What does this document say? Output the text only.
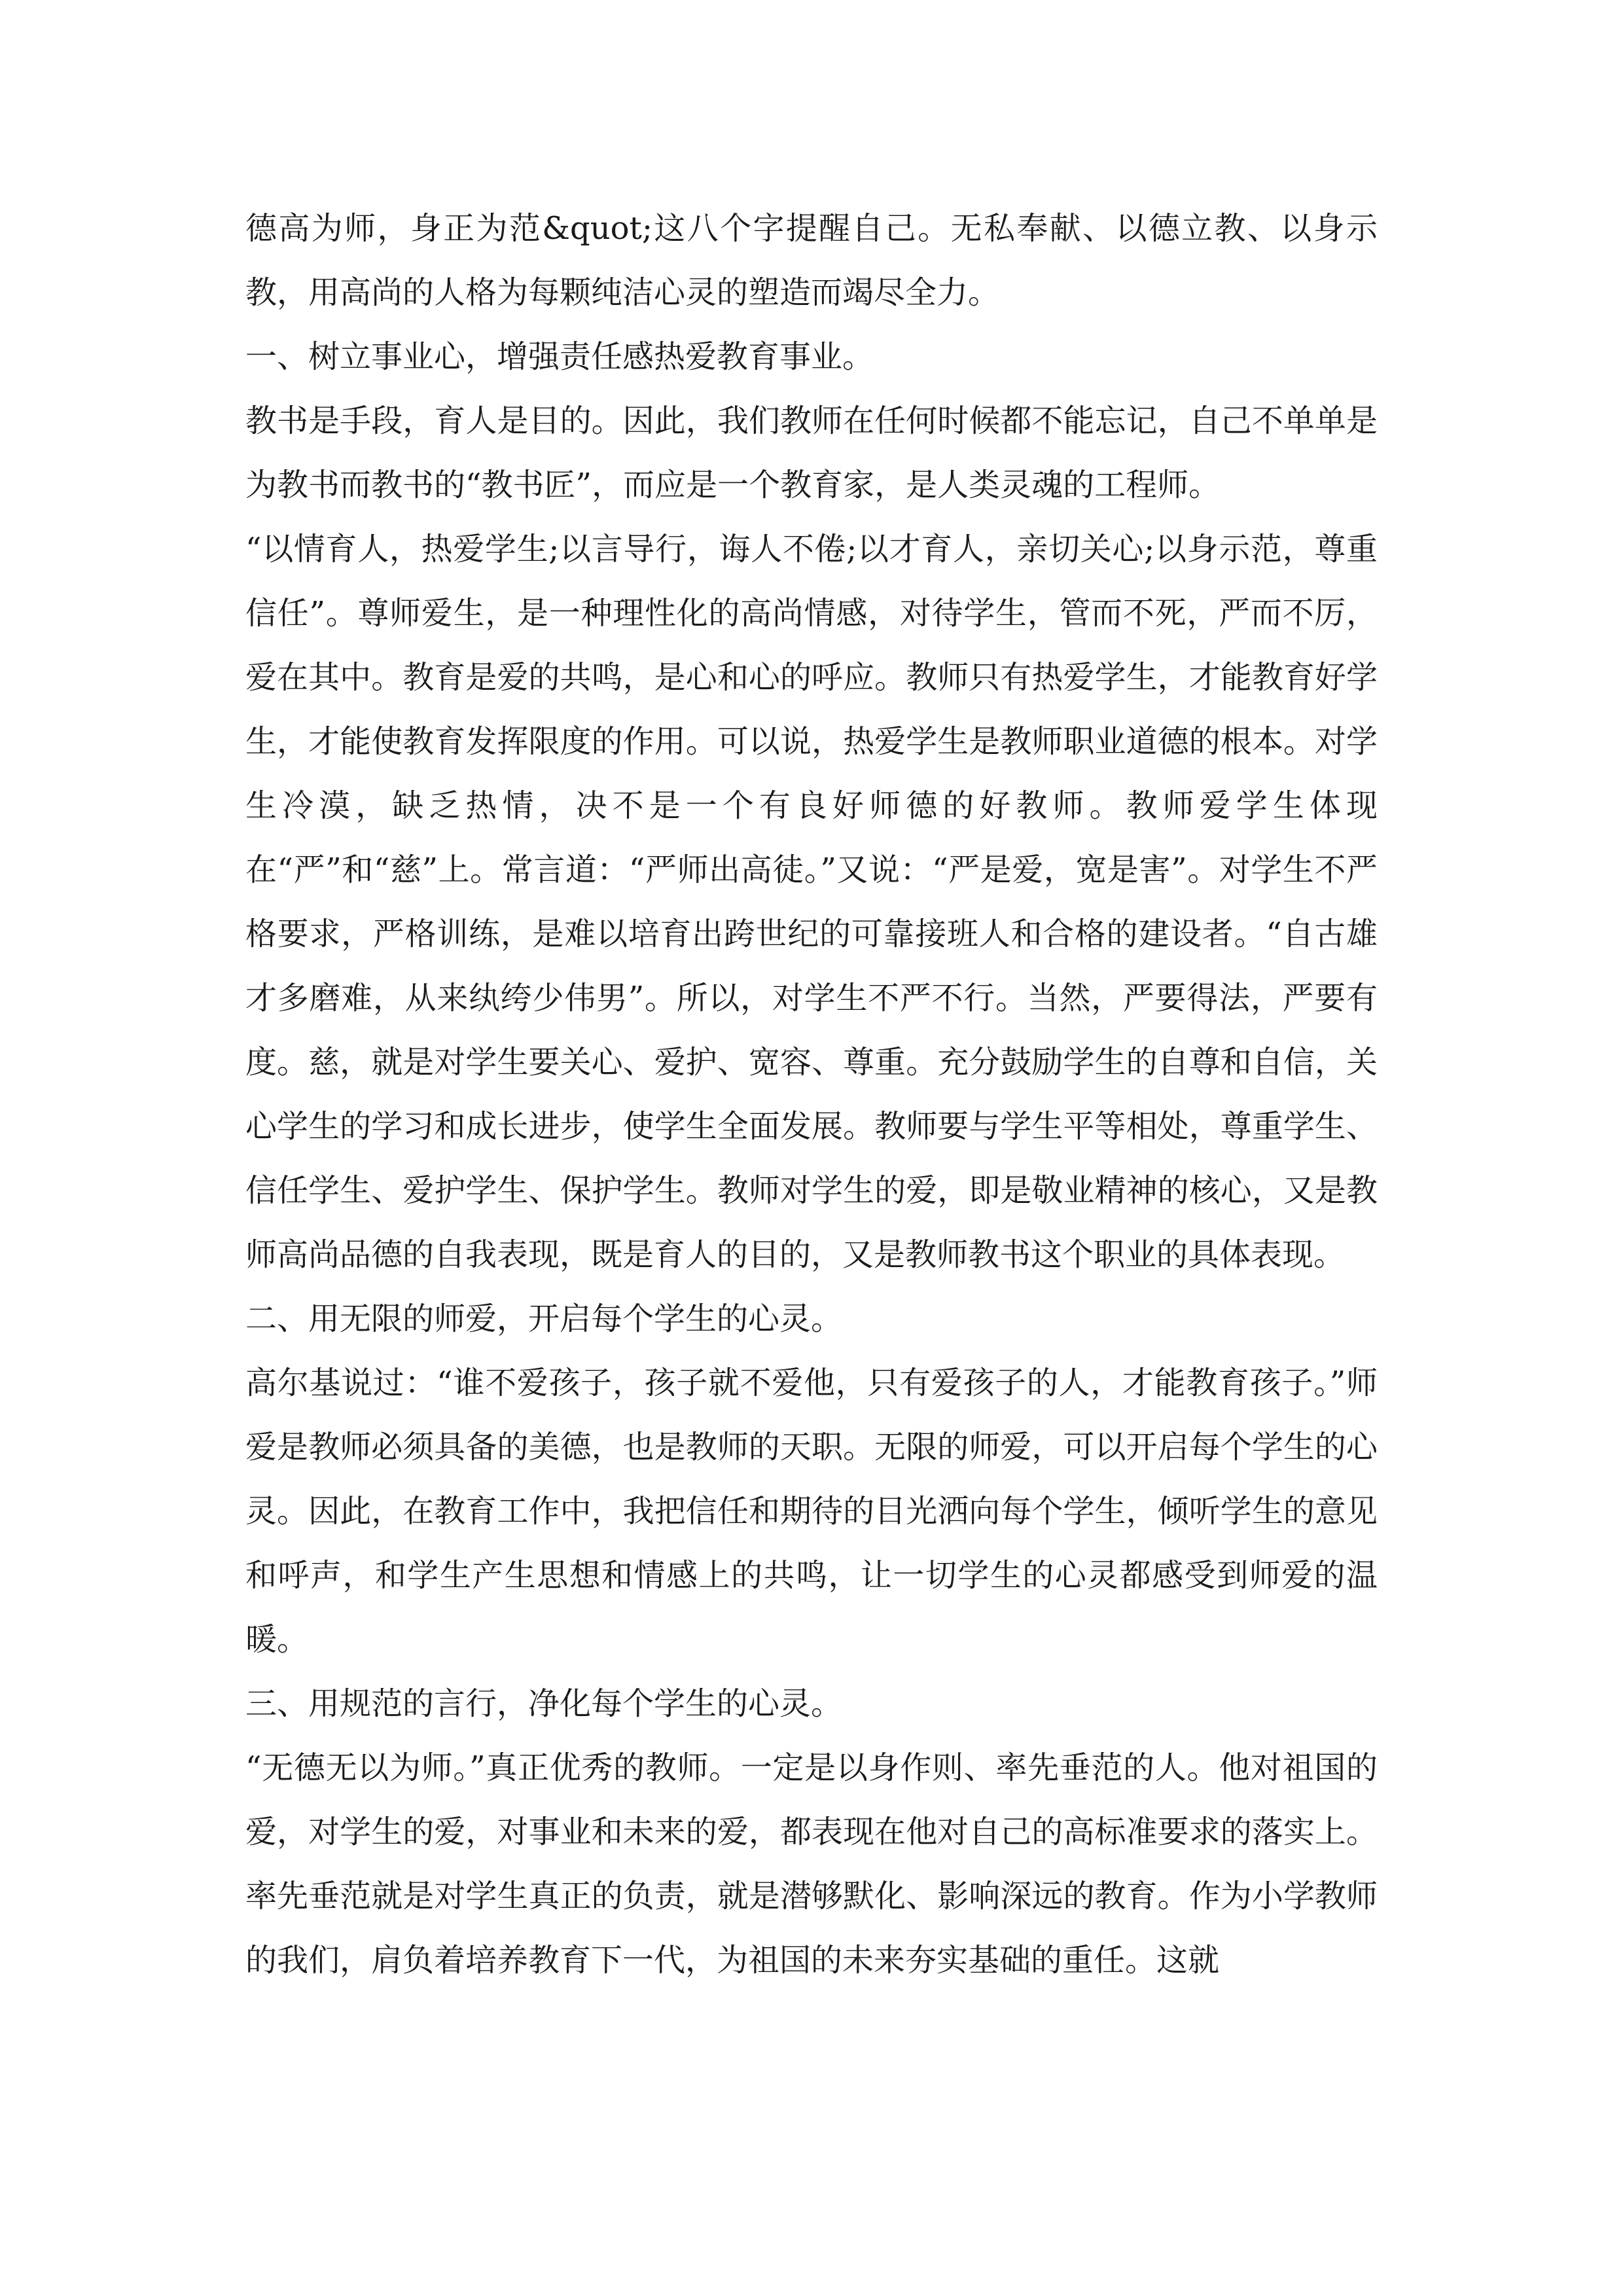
德高为师，身正为范&quot;这八个字提醒自己。无私奉献、以德立教、以身示教，用高尚的人格为每颗纯洁心灵的塑造而竭尽全力。

一、树立事业心，增强责任感热爱教育事业。

教书是手段，育人是目的。因此，我们教师在任何时候都不能忘记，自己不单单是为教书而教书的“教书匠”，而应是一个教育家，是人类灵魂的工程师。

“以情育人，热爱学生;以言导行，诲人不倦;以才育人，亲切关心;以身示范，尊重信任”。尊师爱生，是一种理性化的高尚情感，对待学生，管而不死，严而不厉，爱在其中。教育是爱的共鸣，是心和心的呼应。教师只有热爱学生，才能教育好学生，才能使教育发挥限度的作用。可以说，热爱学生是教师职业道德的根本。对学生冷漠，缺乏热情，决不是一个有良好师德的好教师。教师爱学生体现在“严”和“慈”上。常言道：“严师出高徒。”又说：“严是爱，宽是害”。对学生不严格要求，严格训练，是难以培育出跨世纪的可靠接班人和合格的建设者。“自古雄才多磨难，从来纨绔少伟男”。所以，对学生不严不行。当然，严要得法，严要有度。慈，就是对学生要关心、爱护、宽容、尊重。充分鼓励学生的自尊和自信，关心学生的学习和成长进步，使学生全面发展。教师要与学生平等相处，尊重学生、信任学生、爱护学生、保护学生。教师对学生的爱，即是敬业精神的核心，又是教师高尚品德的自我表现，既是育人的目的，又是教师教书这个职业的具体表现。

二、用无限的师爱，开启每个学生的心灵。

高尔基说过：“谁不爱孩子，孩子就不爱他，只有爱孩子的人，才能教育孩子。”师爱是教师必须具备的美德，也是教师的天职。无限的师爱，可以开启每个学生的心灵。因此，在教育工作中，我把信任和期待的目光洒向每个学生，倾听学生的意见和呼声，和学生产生思想和情感上的共鸣，让一切学生的心灵都感受到师爱的温暖。

三、用规范的言行，净化每个学生的心灵。

“无德无以为师。”真正优秀的教师。一定是以身作则、率先垂范的人。他对祖国的爱，对学生的爱，对事业和未来的爱，都表现在他对自己的高标准要求的落实上。率先垂范就是对学生真正的负责，就是潜够默化、影响深远的教育。作为小学教师的我们，肩负着培养教育下一代，为祖国的未来夯实基础的重任。这就
